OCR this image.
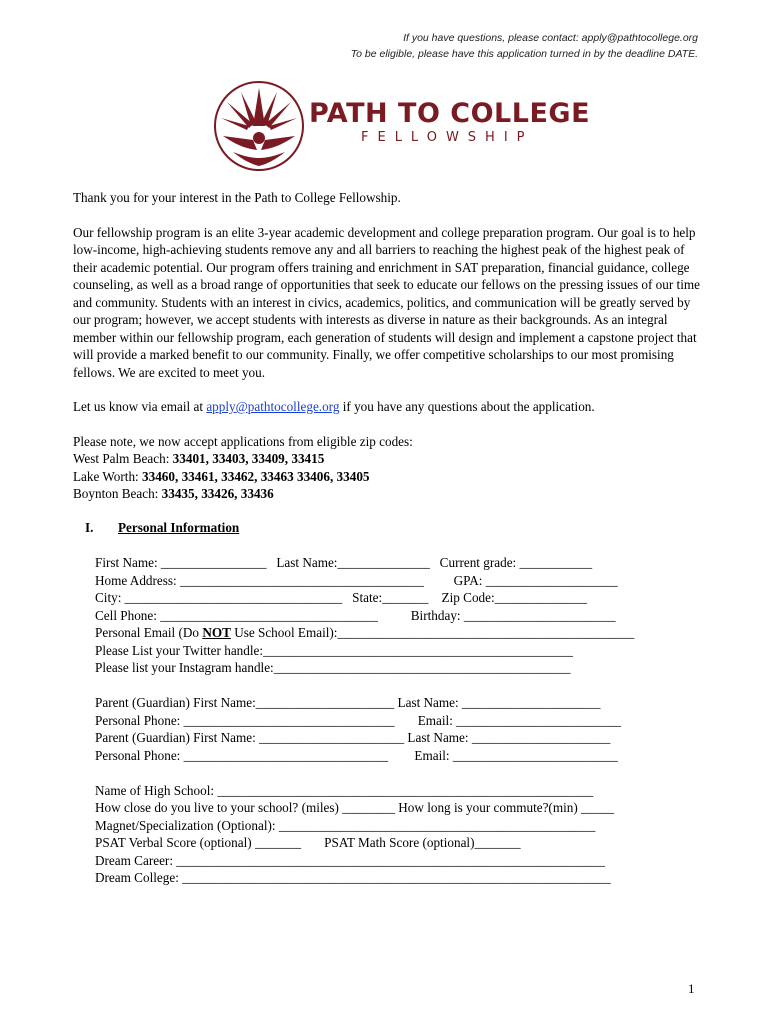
If you have questions, please contact: apply@pathtocollege.org
To be eligible, please have this application turned in by the deadline DATE.
PATH TO COLLEGE
FELLOWSHIP

Thank you for your interest in the Path to College Fellowship.

Our fellowship program is an elite 3-year academic development and college preparation program. Our goal is to help low-income, high-achieving students remove any and all barriers to reaching the highest peak of the highest peak of their academic potential. Our program offers training and enrichment in SAT preparation, financial guidance, college counseling, as well as a broad range of opportunities that seek to educate our fellows on the pressing issues of our time and community. Students with an interest in civics, academics, politics, and communication will be greatly served by our program; however, we accept students with interests as diverse in nature as their backgrounds. As an integral member within our fellowship program, each generation of students will design and implement a capstone project that will provide a marked benefit to our community. Finally, we offer competitive scholarships to our most promising fellows. We are excited to meet you.

Let us know via email at apply@pathtocollege.org if you have any questions about the application.

Please note, we now accept applications from eligible zip codes:
West Palm Beach: 33401, 33403, 33409, 33415
Lake Worth: 33460, 33461, 33462, 33463 33406, 33405
Boynton Beach: 33435, 33426, 33436
I. Personal Information
First Name: ________________   Last Name:______________   Current grade: ___________
Home Address: _____________________________________         GPA: ____________________
City: _________________________________   State:_______    Zip Code:______________
Cell Phone: _________________________________          Birthday: _______________________
Personal Email (Do NOT Use School Email):_____________________________________________
Please List your Twitter handle:_______________________________________________
Please list your Instagram handle:_____________________________________________
Parent (Guardian) First Name:_____________________ Last Name: _____________________
Personal Phone: ________________________________       Email: _________________________
Parent (Guardian) First Name: ______________________ Last Name: _____________________
Personal Phone: _______________________________        Email: _________________________
Name of High School: _________________________________________________________
How close do you live to your school? (miles) ________ How long is your commute?(min) _____
Magnet/Specialization (Optional): ________________________________________________
PSAT Verbal Score (optional) _______       PSAT Math Score (optional)_______
Dream Career: _________________________________________________________________
Dream College: _________________________________________________________________
1
